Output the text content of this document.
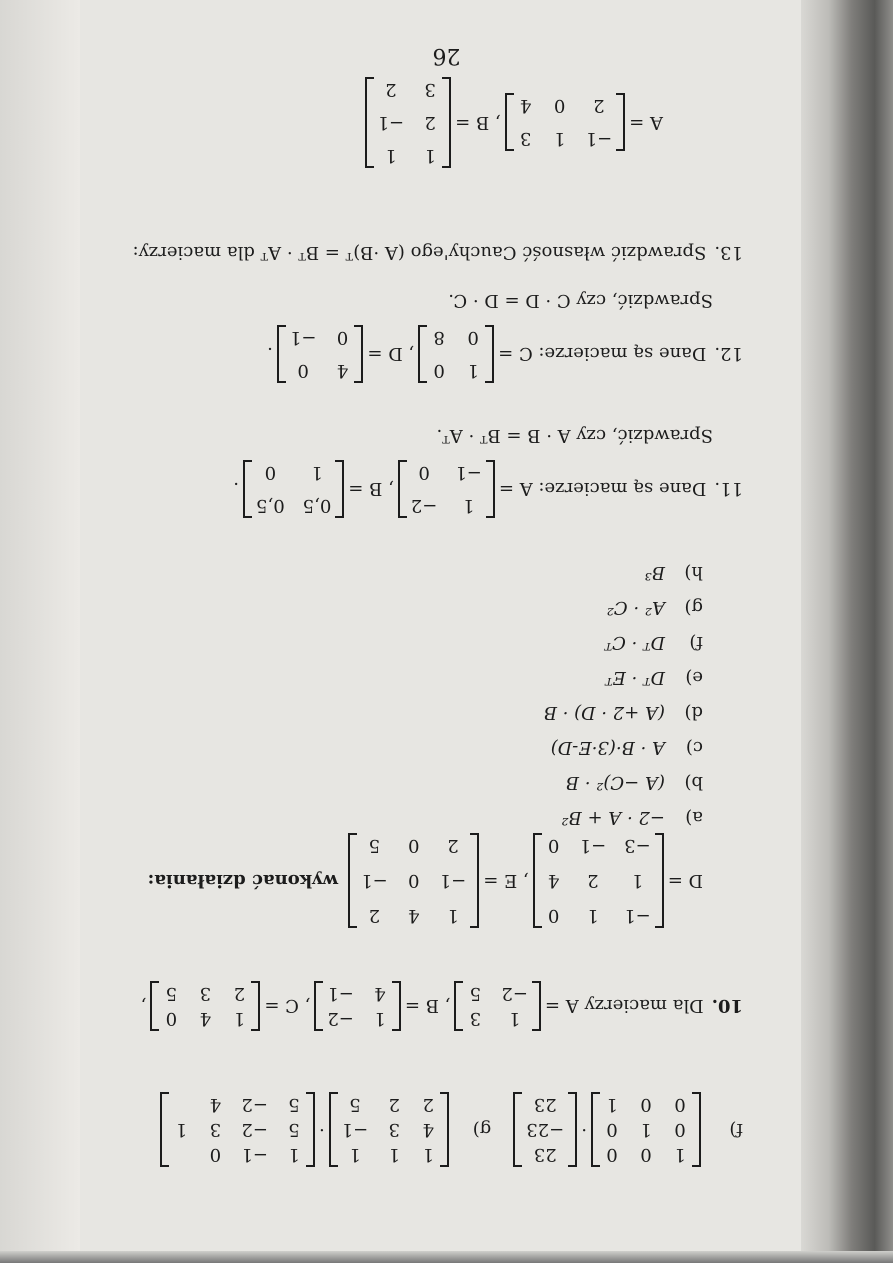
f)
1
0
0
0
1
0
0
0
1
·
23
−23
23
g)
1
1
1
4
3
−1
2
2
5
·
1
−1
0
5
−2
3
1
5
−2
4
10.
Dla macierzy A =
1
3
−2
5
, B =
1
−2
4
−1
, C =
1
4
0
2
3
5
,
D =
−1
1
0
1
2
4
−3
−1
0
, E =
1
4
2
−1
0
−1
2
0
5
wykonać działania:
a)
−2 · A + B²
b)
(A −C)² · B
c)
A · B·(3·E-D)
d)
(A +2 · D) · B
e)
Dᵀ · Eᵀ
f)
Dᵀ · Cᵀ
g)
A² · C²
h)
B³
11.
Dane są macierze: A =
1
−2
−1
0
, B =
0,5
0,5
1
0
.
Sprawdzić, czy A · B = Bᵀ · Aᵀ.
12.
Dane są macierze: C =
1
0
0
8
, D =
4
0
0
−1
.
Sprawdzić, czy C · D = D · C.
13.
Sprawdzić własność Cauchy'ego (A ·B)ᵀ = Bᵀ · Aᵀ dla macierzy:
A =
−1
1
3
2
0
4
, B =
1
1
2
−1
3
2
26
